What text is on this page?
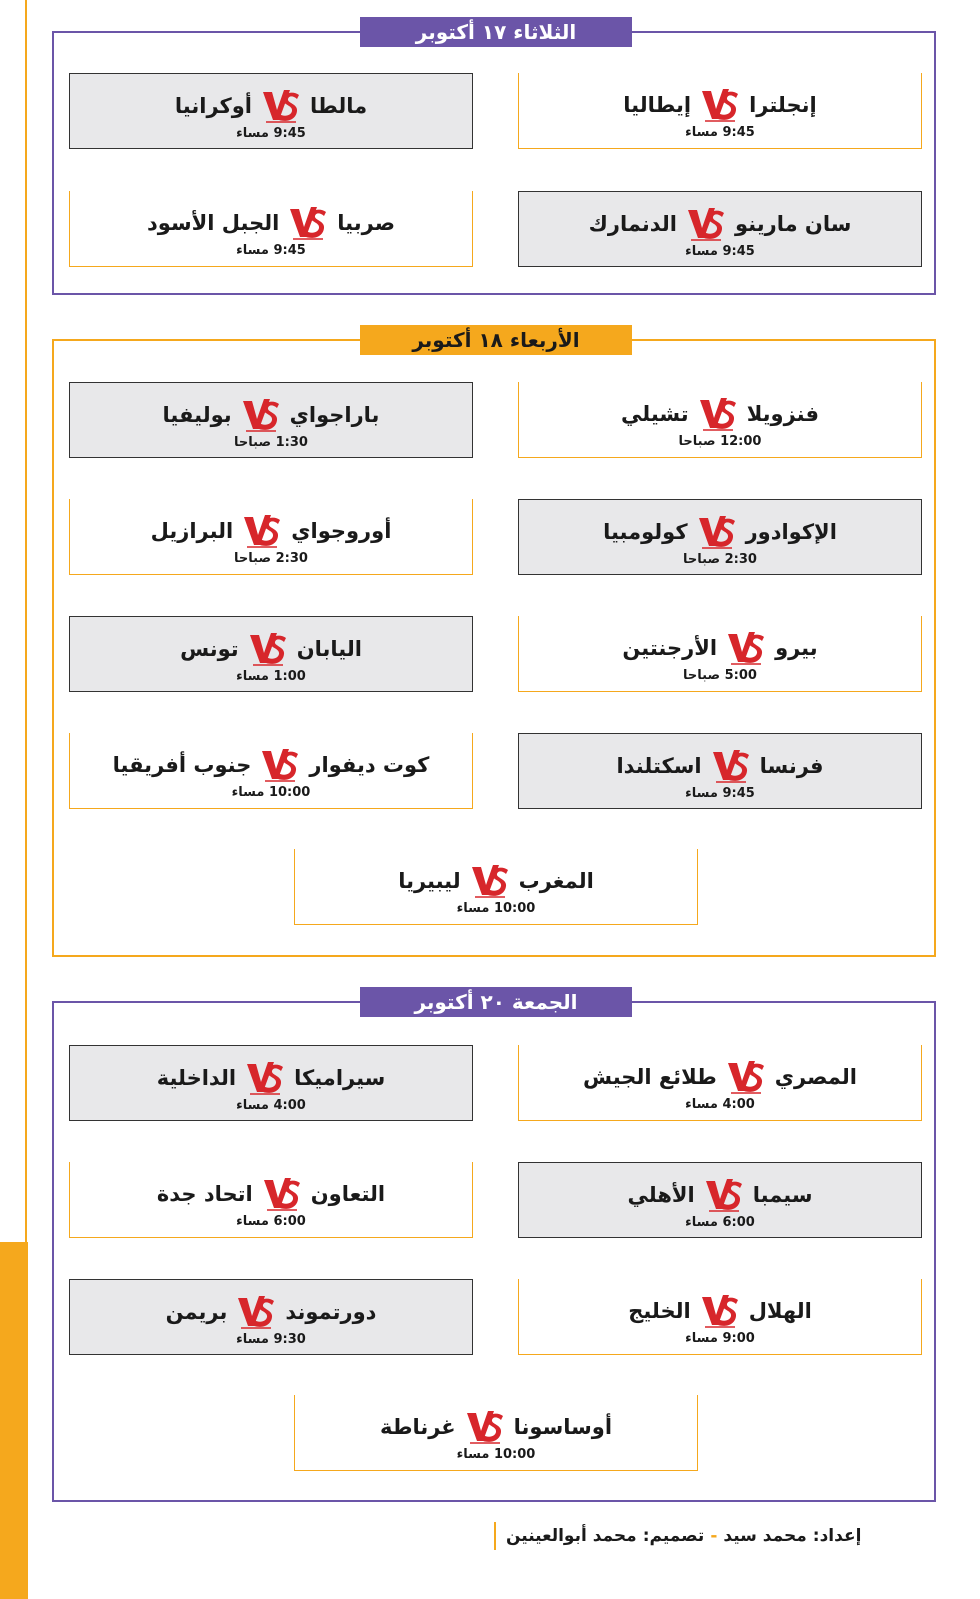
الثلاثاء ١٧ أكتوبر
إنجلترا
إيطاليا
9:45 مساء
مالطا
أوكرانيا
9:45 مساء
سان مارينو
الدنمارك
9:45 مساء
صربيا
الجبل الأسود
9:45 مساء
الأربعاء ١٨ أكتوبر
فنزويلا
تشيلي
12:00 صباحا
باراجواي
بوليفيا
1:30 صباحا
الإكوادور
كولومبيا
2:30 صباحا
أوروجواي
البرازيل
2:30 صباحا
بيرو
الأرجنتين
5:00 صباحا
اليابان
تونس
1:00 مساء
فرنسا
اسكتلندا
9:45 مساء
كوت ديفوار
جنوب أفريقيا
10:00 مساء
المغرب
ليبيريا
10:00 مساء
الجمعة ٢٠ أكتوبر
المصري
طلائع الجيش
4:00 مساء
سيراميكا
الداخلية
4:00 مساء
سيمبا
الأهلي
6:00 مساء
التعاون
اتحاد جدة
6:00 مساء
الهلال
الخليج
9:00 مساء
دورتموند
بريمن
9:30 مساء
أوساسونا
غرناطة
10:00 مساء
إعداد:
محمد سيد
-
تصميم:
محمد أبوالعينين
